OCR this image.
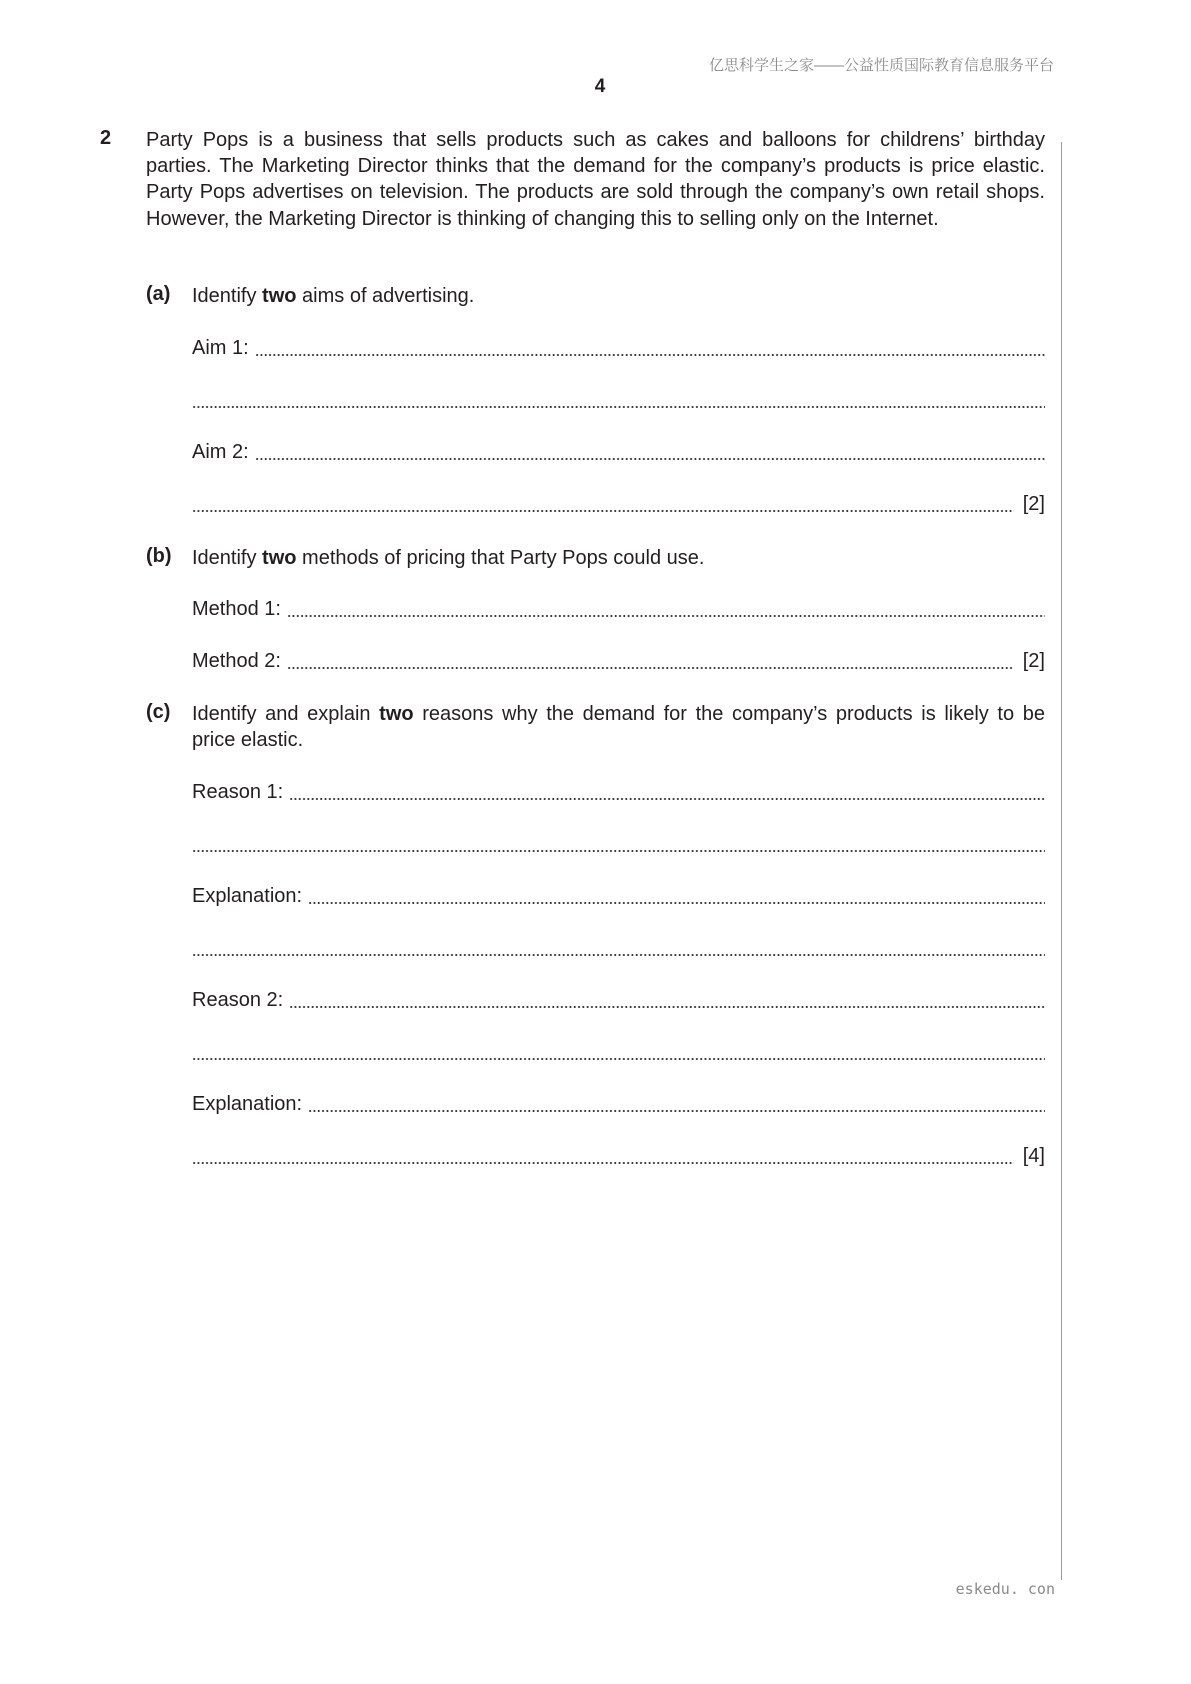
亿思科学生之家——公益性质国际教育信息服务平台
4
2 Party Pops is a business that sells products such as cakes and balloons for childrens’ birthday parties. The Marketing Director thinks that the demand for the company’s products is price elastic. Party Pops advertises on television. The products are sold through the company’s own retail shops. However, the Marketing Director is thinking of changing this to selling only on the Internet.
(a) Identify two aims of advertising.
Aim 1:
Aim 2:
[2]
(b) Identify two methods of pricing that Party Pops could use.
Method 1:
Method 2:	[2]
(c) Identify and explain two reasons why the demand for the company’s products is likely to be price elastic.
Reason 1:
Explanation:
Reason 2:
Explanation:
[4]
eskedu. con
